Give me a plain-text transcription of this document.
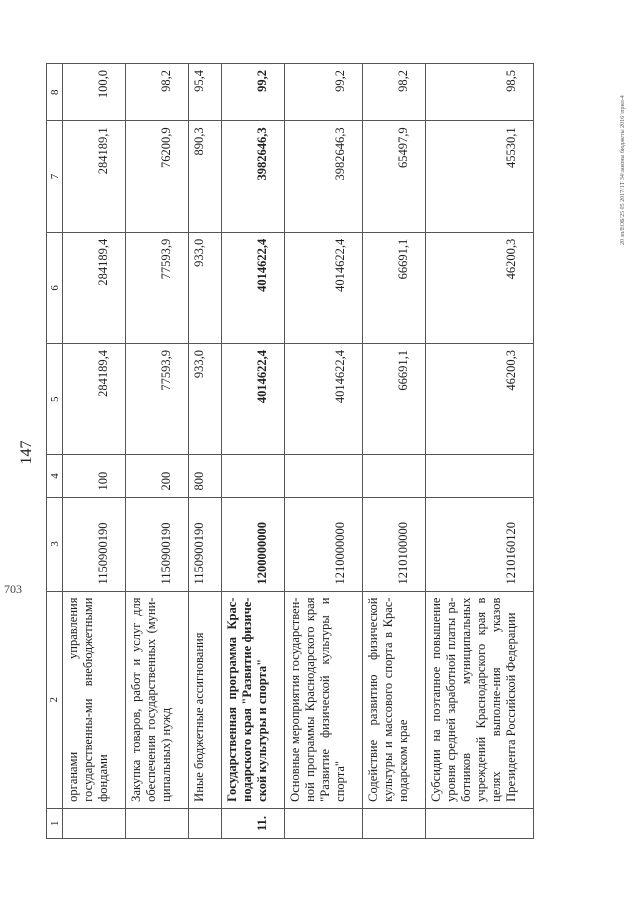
147
1	2	3	4	5	6	7	8
	органами управления государственны-ми внебюджетными фондами	1150900190	100	284189,4	284189,4	284189,1	100,0
	Закупка товаров, работ и услуг для обеспечения государственных (муни-ципальных) нужд	1150900190	200	77593,9	77593,9	76200,9	98,2
	Иные бюджетные ассигнования	1150900190	800	933,0	933,0	890,3	95,4
11.	Государственная программа Крас-нодарского края "Развитие физиче-ской культуры и спорта"	1200000000		4014622,4	4014622,4	3982646,3	99,2
	Основные мероприятия государствен-ной программы Краснодарского края "Развитие физической культуры и спорта"	1210000000		4014622,4	4014622,4	3982646,3	99,2
	Содействие развитию физической культуры и массового спорта в Крас-нодарском крае	1210100000		66691,1	66691,1	65497,9	98,2
	Субсидии на поэтапное повышение уровня средней заработной платы ра-ботников муниципальных учреждений Краснодарского края в целях выполне-ния указов Президента Российской Федерации	1210160120		46200,3	46200,3	45530,1	98,5
20 эп/ЕОБ/25 05 2017/1Т 34\законы бюджеты 2016 \прил-4
703
